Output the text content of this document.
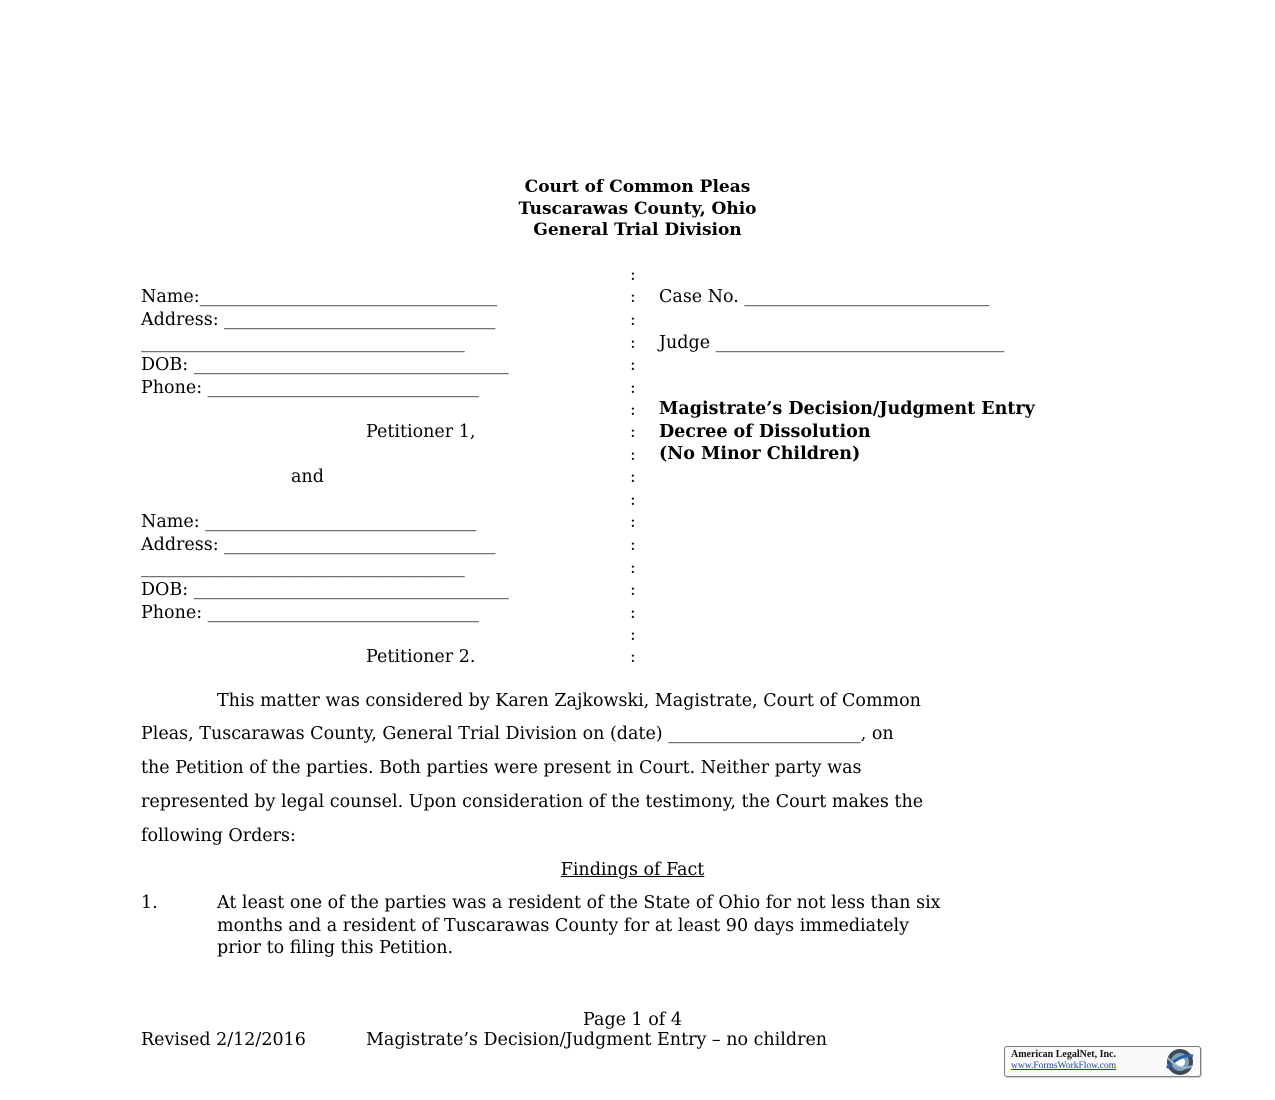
Court of Common Pleas
Tuscarawas County, Ohio
General Trial Division
Name:__________________________________
Address: _______________________________
_____________________________________
DOB: ____________________________________
Phone: _______________________________
Petitioner 1,
and
Name: _______________________________
Address: _______________________________
_____________________________________
DOB: ____________________________________
Phone: _______________________________
Petitioner 2.
:
:
:
:
:
:
:
:
:
:
:
:
:
:
:
:
:
:
Case No. ____________________________
Judge _________________________________
Magistrate’s Decision/Judgment Entry
Decree of Dissolution
(No Minor Children)
This matter was considered by Karen Zajkowski, Magistrate, Court of Common
Pleas, Tuscarawas County, General Trial Division on (date) ______________________, on
the Petition of the parties. Both parties were present in Court. Neither party was
represented by legal counsel. Upon consideration of the testimony, the Court makes the
following Orders:
Findings of Fact
1.	At least one of the parties was a resident of the State of Ohio for not less than six
months and a resident of Tuscarawas County for at least 90 days immediately
prior to filing this Petition.
Page 1 of 4
Revised 2/12/2016	Magistrate’s Decision/Judgment Entry – no children
American LegalNet, Inc.
www.FormsWorkFlow.com
